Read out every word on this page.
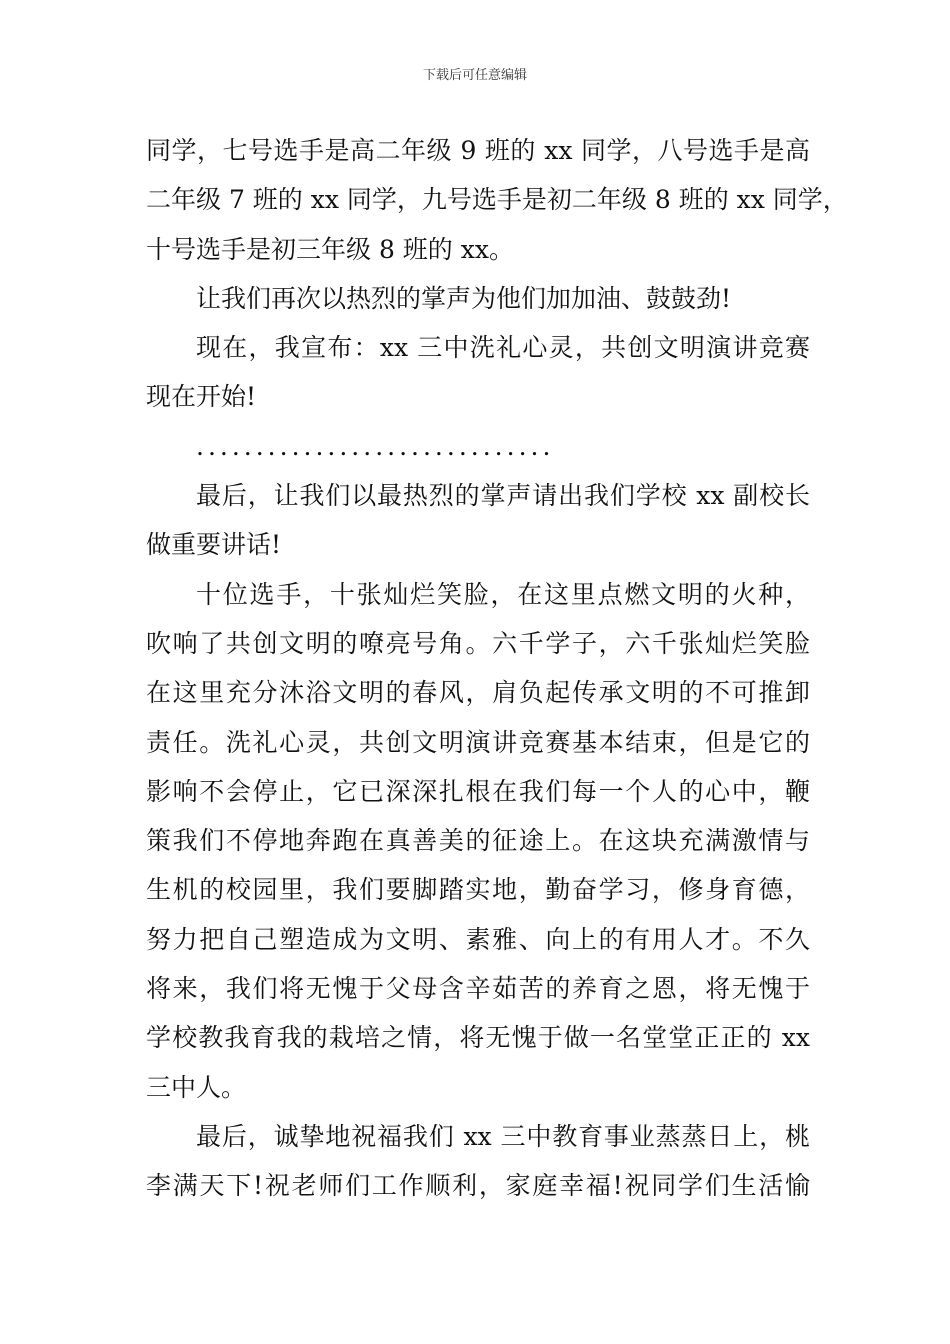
下载后可任意编辑
同学，七号选手是高二年级 9 班的 xx 同学，八号选手是高
二年级 7 班的 xx 同学，九号选手是初二年级 8 班的 xx 同学，
十号选手是初三年级 8 班的 xx。
让我们再次以热烈的掌声为他们加加油、鼓鼓劲!
现在，我宣布：xx 三中洗礼心灵，共创文明演讲竞赛
现在开始!
..............................
最后，让我们以最热烈的掌声请出我们学校 xx 副校长
做重要讲话!
十位选手，十张灿烂笑脸，在这里点燃文明的火种，
吹响了共创文明的嘹亮号角。六千学子，六千张灿烂笑脸
在这里充分沐浴文明的春风，肩负起传承文明的不可推卸
责任。洗礼心灵，共创文明演讲竞赛基本结束，但是它的
影响不会停止，它已深深扎根在我们每一个人的心中，鞭
策我们不停地奔跑在真善美的征途上。在这块充满激情与
生机的校园里，我们要脚踏实地，勤奋学习，修身育德，
努力把自己塑造成为文明、素雅、向上的有用人才。不久
将来，我们将无愧于父母含辛茹苦的养育之恩，将无愧于
学校教我育我的栽培之情，将无愧于做一名堂堂正正的 xx
三中人。
最后，诚挚地祝福我们 xx 三中教育事业蒸蒸日上，桃
李满天下!祝老师们工作顺利，家庭幸福!祝同学们生活愉
